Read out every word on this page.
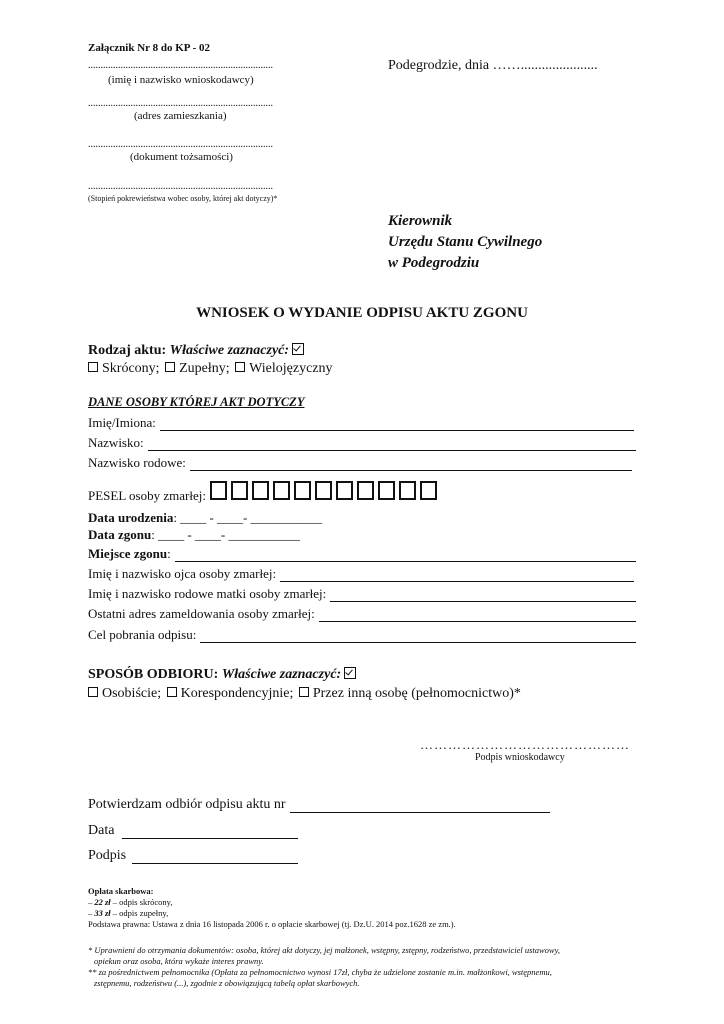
Załącznik Nr 8 do KP - 02
..........................................................................
(imię i nazwisko wnioskodawcy)
..........................................................................
(adres zamieszkania)
..........................................................................
(dokument tożsamości)
..........................................................................
(Stopień pokrewieństwa wobec osoby, której akt dotyczy)*
Podegrodzie, dnia ……......................
Kierownik
Urzędu Stanu Cywilnego
w Podegrodziu
WNIOSEK O WYDANIE ODPISU AKTU ZGONU
Rodzaj aktu: Właściwe zaznaczyć:
Skrócony; Zupełny; Wielojęzyczny
DANE OSOBY KTÓREJ AKT DOTYCZY
Imię/Imiona:
Nazwisko:
Nazwisko rodowe:
PESEL osoby zmarłej:
Data urodzenia: ____ - ____- ___________
Data zgonu: ____ - ____- ___________
Miejsce zgonu :
Imię i nazwisko ojca osoby zmarłej:
Imię i nazwisko rodowe matki osoby zmarłej:
Ostatni adres zameldowania osoby zmarłej:
Cel pobrania odpisu:
SPOSÓB ODBIORU: Właściwe zaznaczyć:
Osobiście; Korespondencyjnie; Przez inną osobę (pełnomocnictwo)*
………………………………………
Podpis wnioskodawcy
Potwierdzam odbiór odpisu aktu nr
Data
Podpis
Opłata skarbowa:
– 22 zł – odpis skrócony,
– 33 zł – odpis zupełny,
Podstawa prawna: Ustawa z dnia 16 listopada 2006 r. o opłacie skarbowej (tj. Dz.U. 2014 poz.1628 ze zm.).
* Uprawnieni do otrzymania dokumentów: osoba, której akt dotyczy, jej małżonek, wstępny, zstępny, rodzeństwo, przedstawiciel ustawowy,
opiekun oraz osoba, która wykaże interes prawny.
** za pośrednictwem pełnomocnika (Opłata za pełnomocnictwo wynosi 17zł, chyba że udzielone zostanie m.in. małżonkowi, wstępnemu,
zstępnemu, rodzeństwu (...), zgodnie z obowiązującą tabelą opłat skarbowych.
